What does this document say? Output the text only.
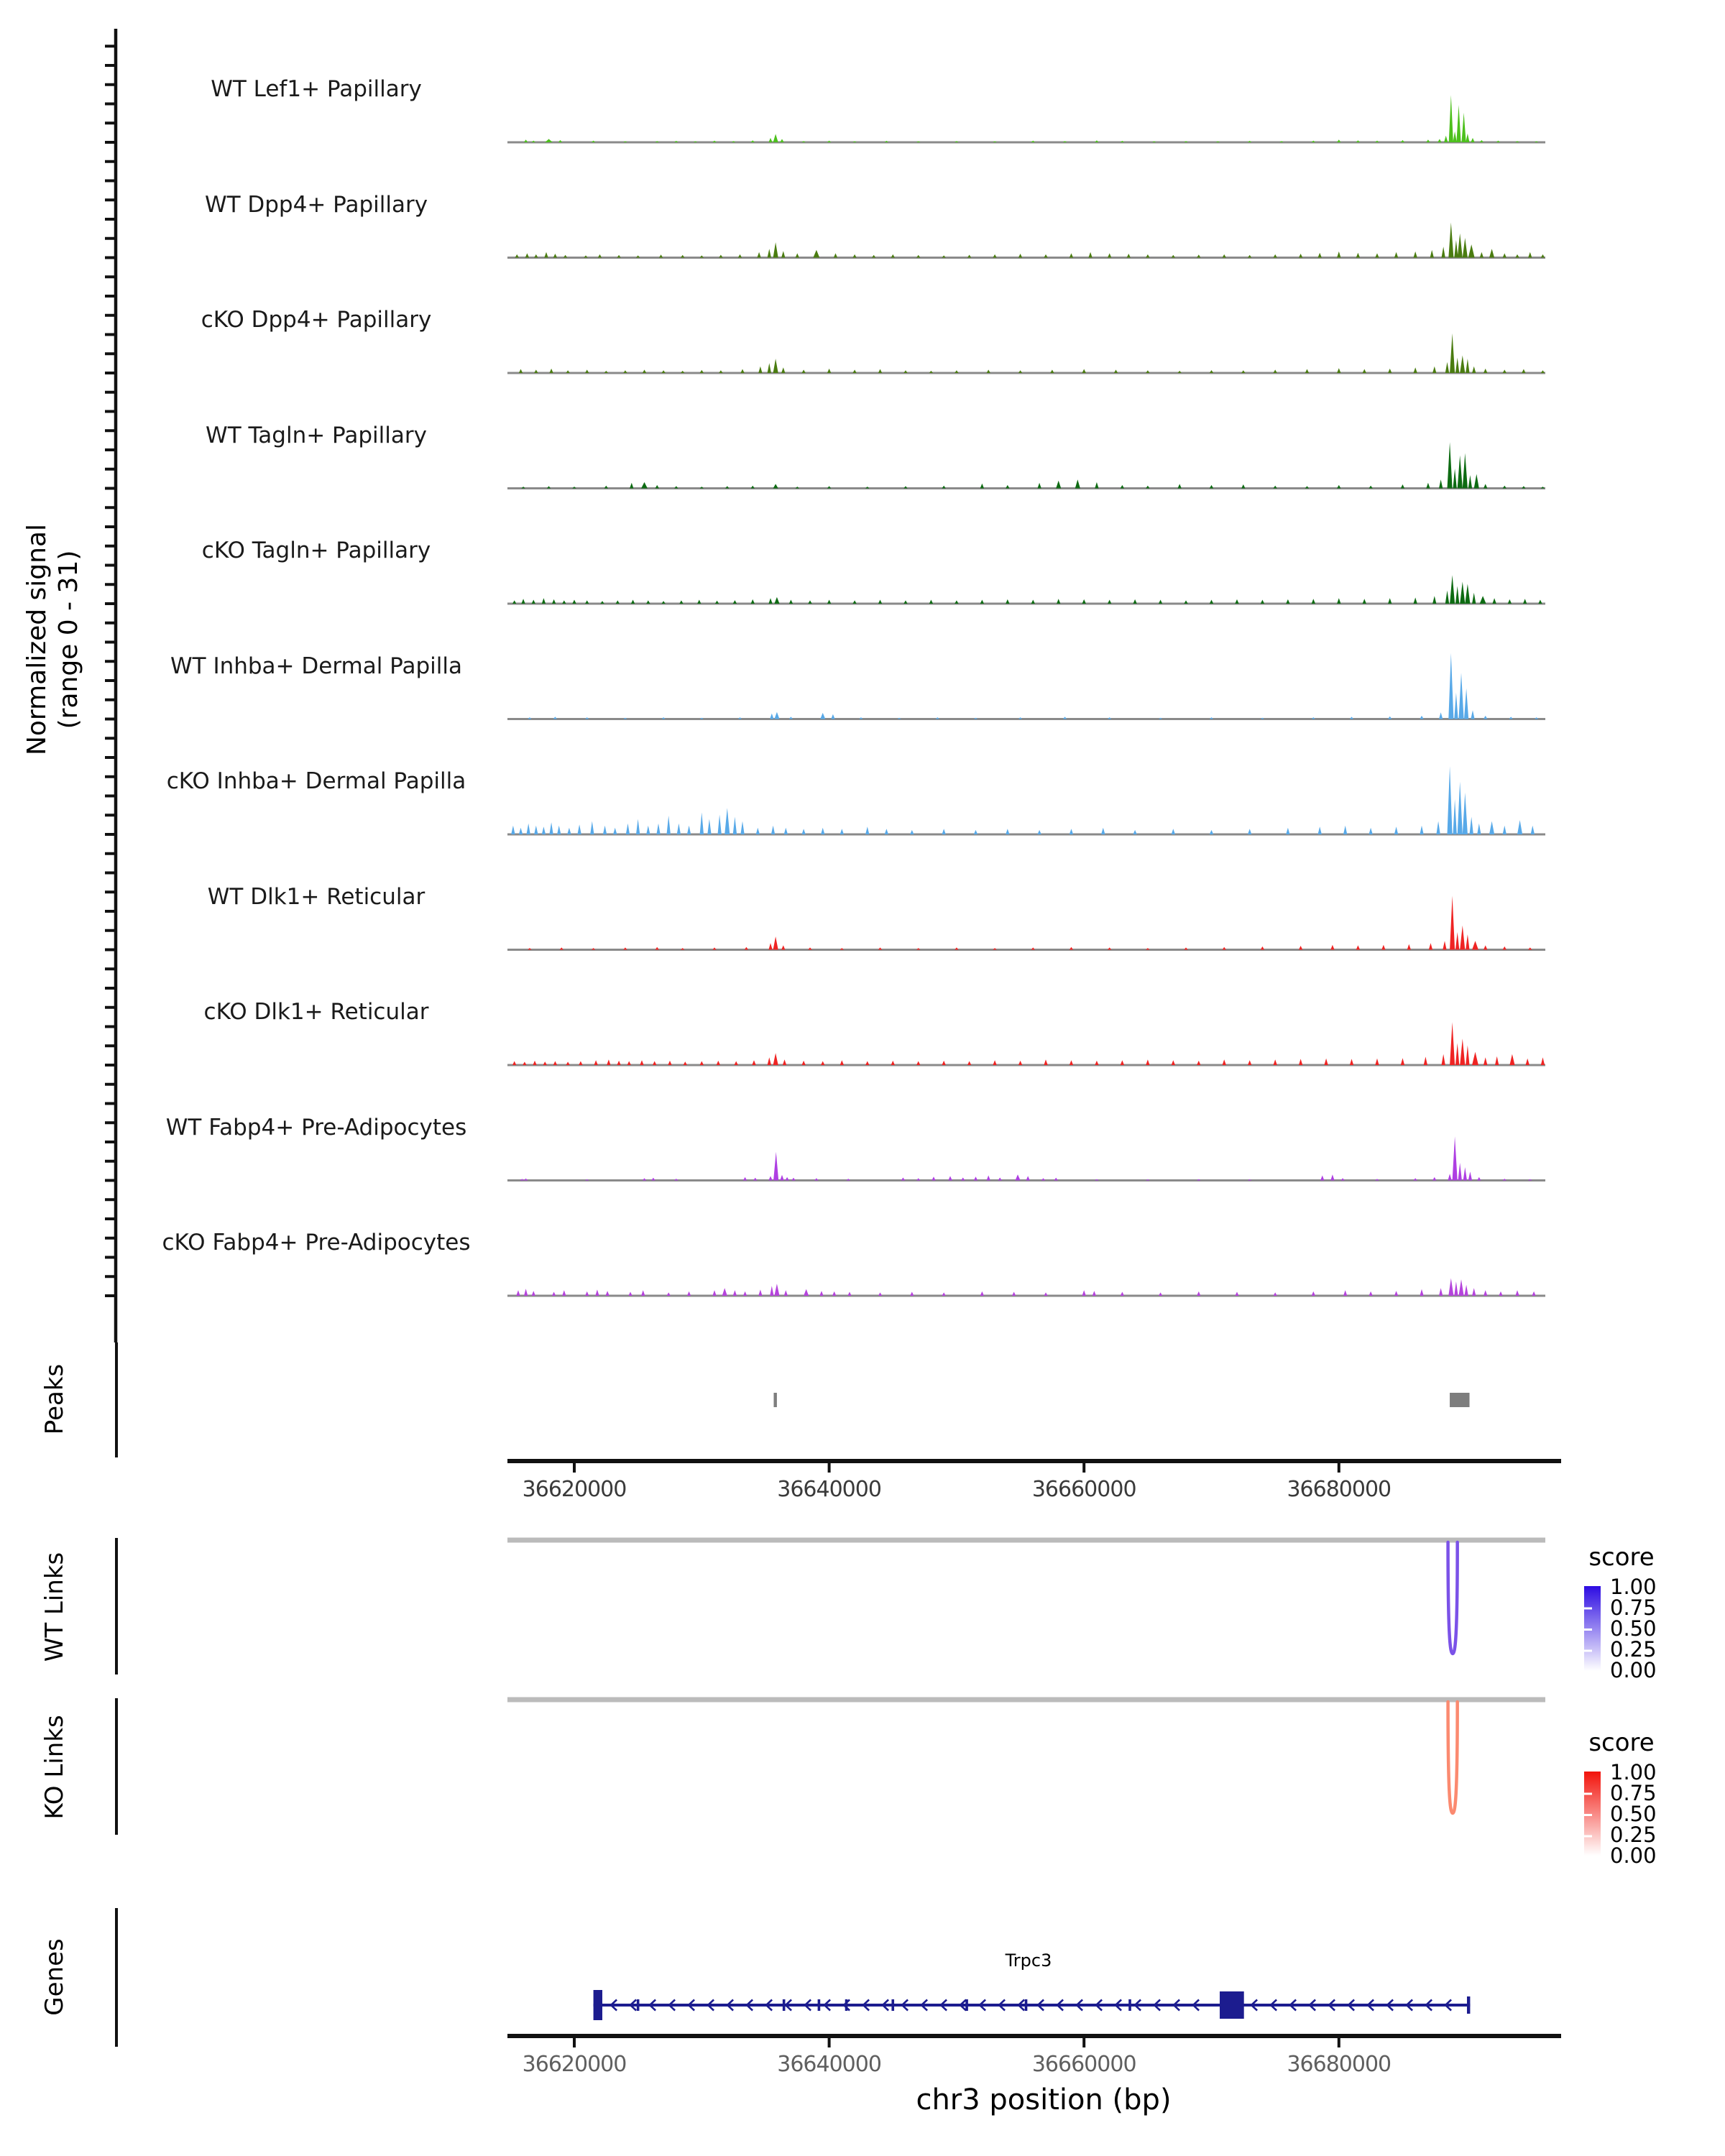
Normalized signal (range 0 - 31)
Peaks
WT Links
KO Links
Genes
WT Lef1+ Papillary
WT Dpp4+ Papillary
cKO Dpp4+ Papillary
WT Tagln+ Papillary
cKO Tagln+ Papillary
WT Inhba+ Dermal Papilla
cKO Inhba+ Dermal Papilla
WT Dlk1+ Reticular
cKO Dlk1+ Reticular
WT Fabp4+ Pre-Adipocytes
cKO Fabp4+ Pre-Adipocytes
36620000	36640000	36660000	36680000
36620000	36640000	36660000	36680000
score
score
1.00
0.75
0.50
0.25
0.00
1.00
0.75
0.50
0.25
0.00
Trpc3
chr3 position (bp)
